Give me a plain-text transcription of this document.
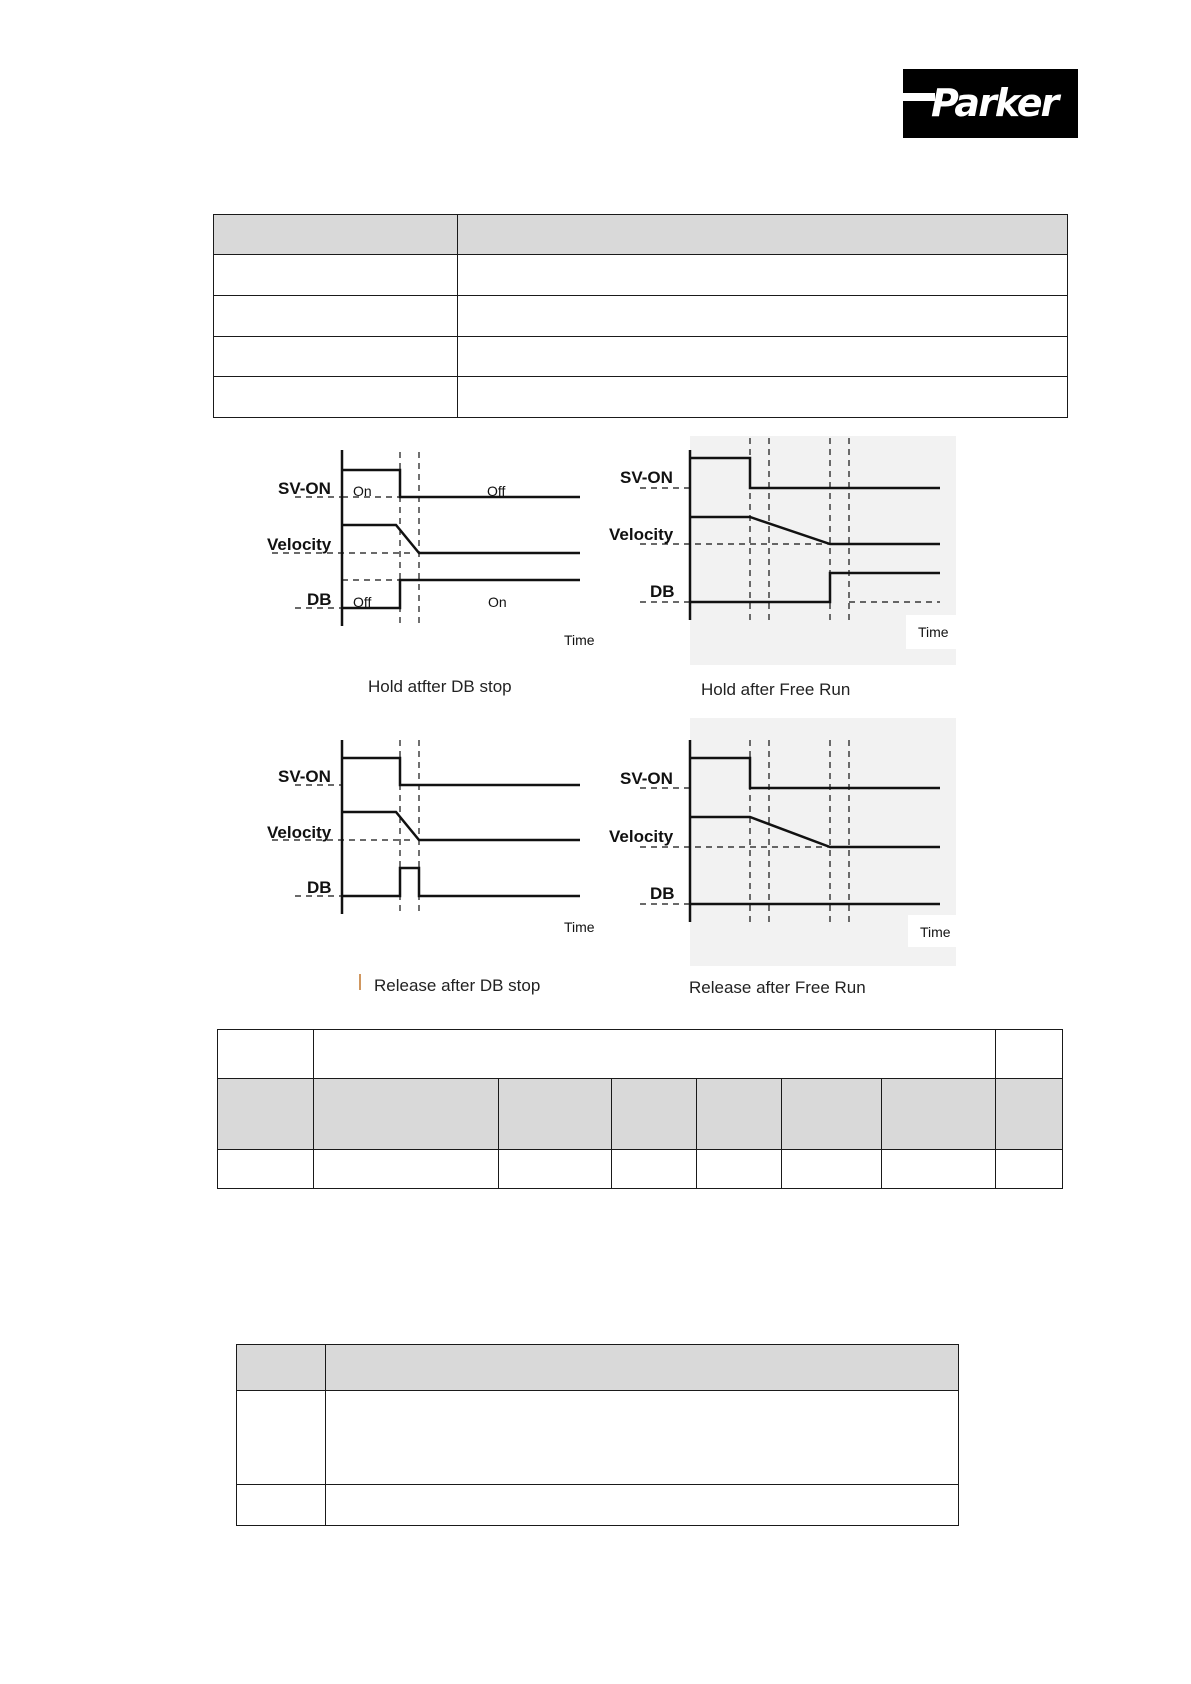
Parker

SV-ON
Velocity
DB
On	Off
Off	On
Time
SV-ON
Velocity
DB
Time
SV-ON
Velocity
DB
Time
SV-ON
Velocity
DB
Time
Hold atfter DB stop	Hold after Free Run
Release after DB stop	Release after Free Run
